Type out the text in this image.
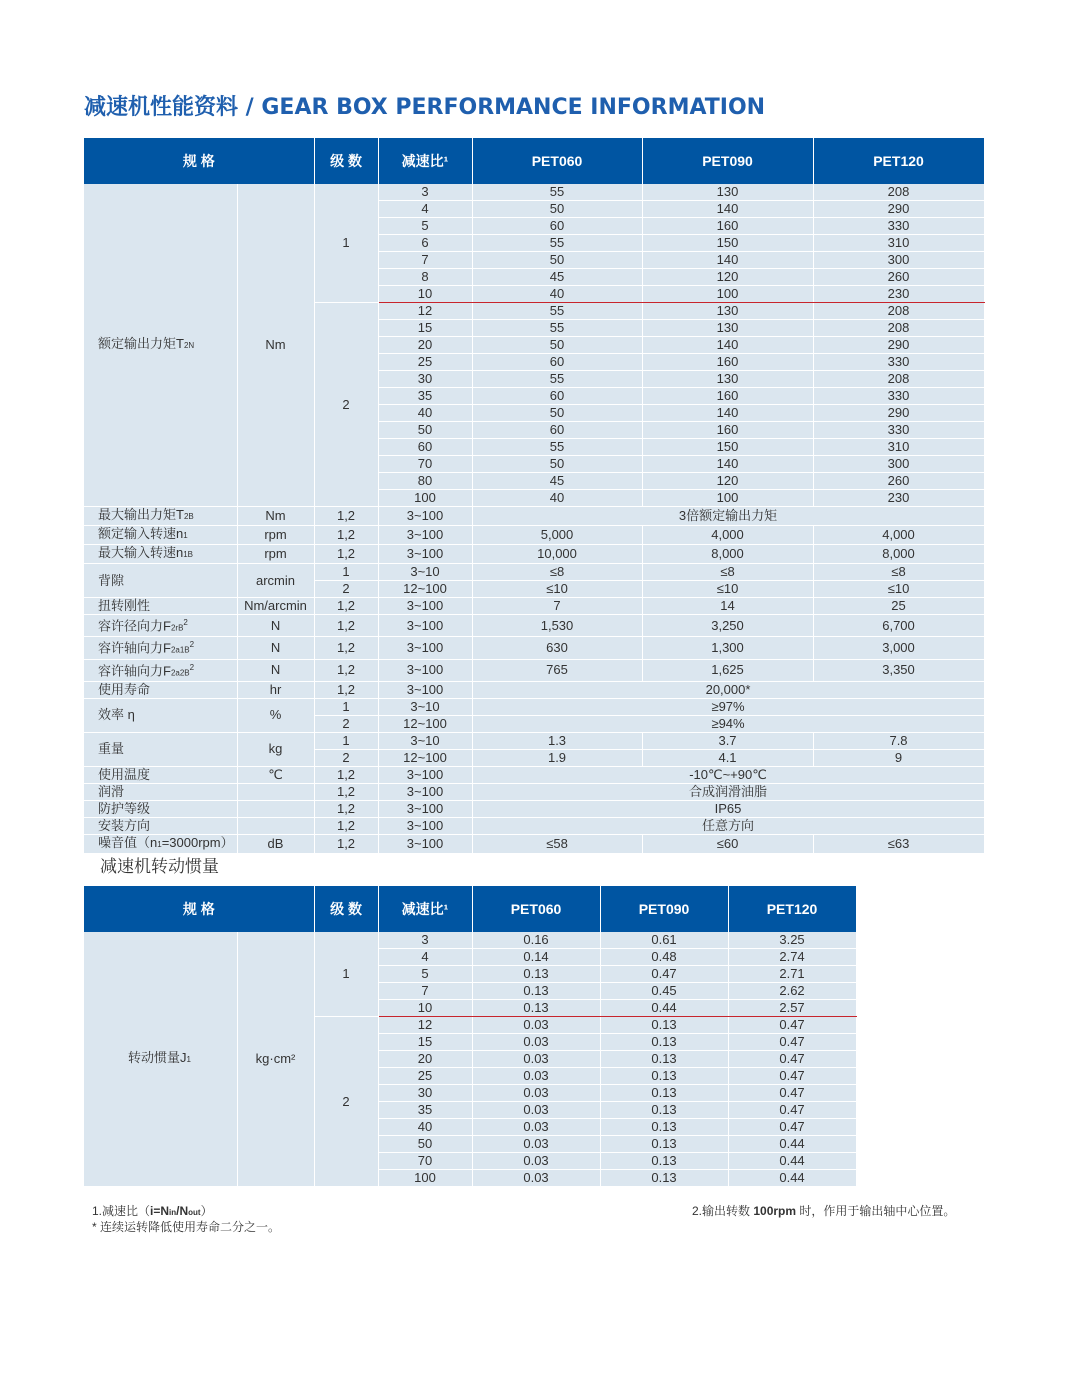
减速机性能资料 / GEAR BOX PERFORMANCE INFORMATION
规 格		级 数	减速比¹	PET060	PET090	PET120
额定输出力矩T2N	Nm	1	3	55	130	208
			4	50	140	290
			5	60	160	330
			6	55	150	310
			7	50	140	300
			8	45	120	260
			10	40	100	230
		2	12	55	130	208
			15	55	130	208
			20	50	140	290
			25	60	160	330
			30	55	130	208
			35	60	160	330
			40	50	140	290
			50	60	160	330
			60	55	150	310
			70	50	140	300
			80	45	120	260
			100	40	100	230
最大输出力矩T2B	Nm	1,2	3~100	3倍额定输出力矩		
额定输入转速n1	rpm	1,2	3~100	5,000	4,000	4,000
最大输入转速n1B	rpm	1,2	3~100	10,000	8,000	8,000
背隙	arcmin	1	3~10	≤8	≤8	≤8
		2	12~100	≤10	≤10	≤10
扭转刚性	Nm/arcmin	1,2	3~100	7	14	25
容许径向力$F2rB^2$	N	1,2	3~100	1,530	3,250	6,700
容许轴向力$F2a1B^2$	N	1,2	3~100	630	1,300	3,000
容许轴向力$F2a2B^2$	N	1,2	3~100	765	1,625	3,350
使用寿命	hr	1,2	3~100	20,000*		
效率 η	%	1	3~10	≥97%		
		2	12~100	≥94%		
重量	kg	1	3~10	1.3	3.7	7.8
		2	12~100	1.9	4.1	9
使用温度	℃	1,2	3~100	-10℃~+90℃		
润滑		1,2	3~100	合成润滑油脂		
防护等级		1,2	3~100	IP65		
安装方向		1,2	3~100	任意方向		
噪音值（n1=3000rpm）	dB	1,2	3~100	≤58	≤60	≤63
减速机转动惯量
规 格		级 数	减速比¹	PET060	PET090	PET120
转动惯量J1	kg·cm²	1	3	0.16	0.61	3.25
			4	0.14	0.48	2.74
			5	0.13	0.47	2.71
			7	0.13	0.45	2.62
			10	0.13	0.44	2.57
		2	12	0.03	0.13	0.47
			15	0.03	0.13	0.47
			20	0.03	0.13	0.47
			25	0.03	0.13	0.47
			30	0.03	0.13	0.47
			35	0.03	0.13	0.47
			40	0.03	0.13	0.47
			50	0.03	0.13	0.44
			70	0.03	0.13	0.44
			100	0.03	0.13	0.44
1.减速比（i=Nin/Nout）
* 连续运转降低使用寿命二分之一。
2.输出转数 100rpm 时，作用于输出轴中心位置。
